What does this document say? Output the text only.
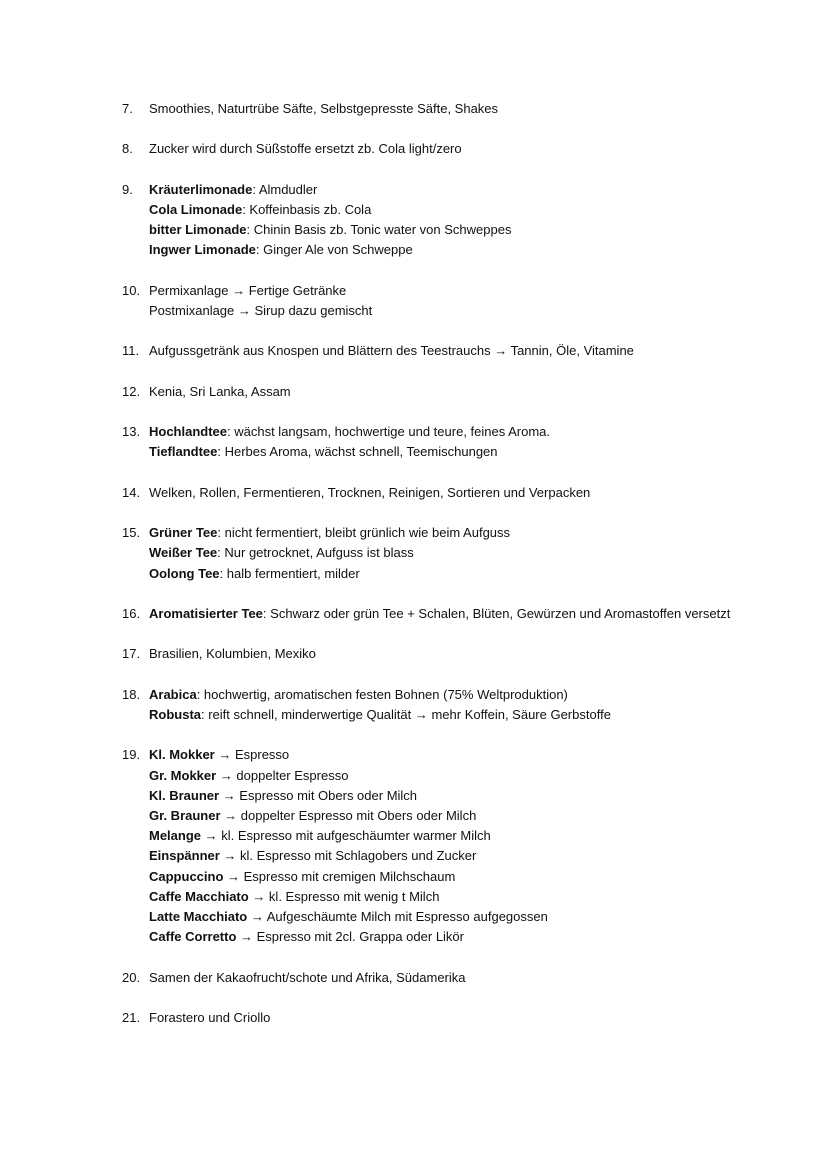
7. Smoothies, Naturtrübe Säfte, Selbstgepresste Säfte, Shakes
8. Zucker wird durch Süßstoffe ersetzt zb. Cola light/zero
9. Kräuterlimonade: Almdudler
Cola Limonade: Koffeinbasis zb. Cola
bitter Limonade: Chinin Basis zb. Tonic water von Schweppes
Ingwer Limonade: Ginger Ale von Schweppe
10. Permixanlage → Fertige Getränke
Postmixanlage → Sirup dazu gemischt
11. Aufgussgetränk aus Knospen und Blättern des Teestrauchs → Tannin, Öle, Vitamine
12. Kenia, Sri Lanka, Assam
13. Hochlandtee: wächst langsam, hochwertige und teure, feines Aroma.
Tieflandtee: Herbes Aroma, wächst schnell, Teemischungen
14. Welken, Rollen, Fermentieren, Trocknen, Reinigen, Sortieren und Verpacken
15. Grüner Tee: nicht fermentiert, bleibt grünlich wie beim Aufguss
Weißer Tee: Nur getrocknet, Aufguss ist blass
Oolong Tee: halb fermentiert, milder
16. Aromatisierter Tee: Schwarz oder grün Tee + Schalen, Blüten, Gewürzen und Aromastoffen versetzt
17. Brasilien, Kolumbien, Mexiko
18. Arabica: hochwertig, aromatischen festen Bohnen (75% Weltproduktion)
Robusta: reift schnell, minderwertige Qualität → mehr Koffein, Säure Gerbstoffe
19. Kl. Mokker → Espresso
Gr. Mokker → doppelter Espresso
Kl. Brauner → Espresso mit Obers oder Milch
Gr. Brauner → doppelter Espresso mit Obers oder Milch
Melange → kl. Espresso mit aufgeschäumter warmer Milch
Einspänner → kl. Espresso mit Schlagobers und Zucker
Cappuccino → Espresso mit cremigen Milchschaum
Caffe Macchiato → kl. Espresso mit wenig t Milch
Latte Macchiato → Aufgeschäumte Milch mit Espresso aufgegossen
Caffe Corretto → Espresso mit 2cl. Grappa oder Likör
20. Samen der Kakaofrucht/schote und Afrika, Südamerika
21. Forastero und Criollo
